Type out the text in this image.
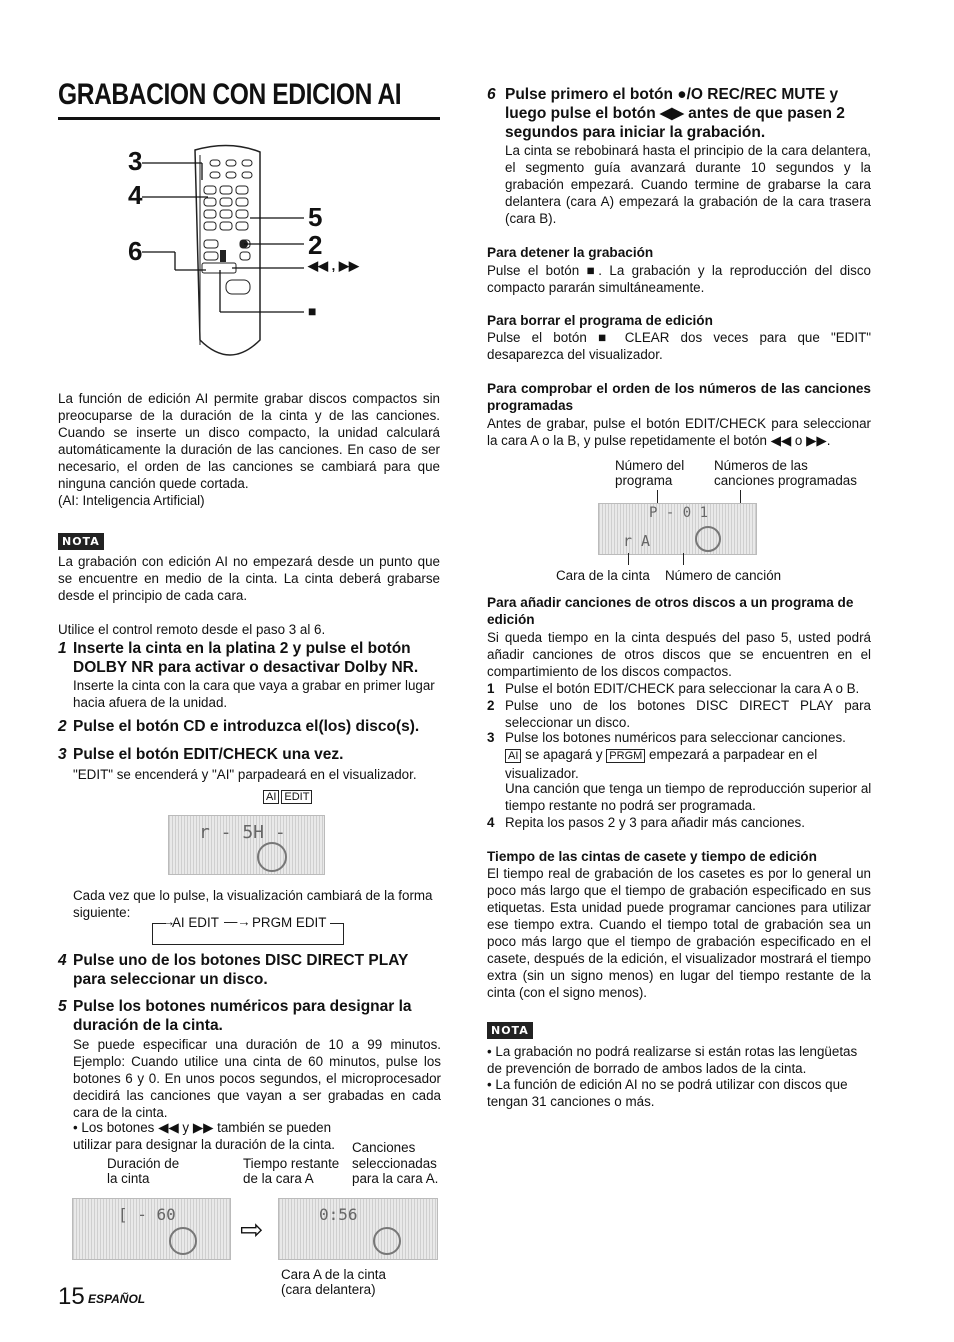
GRABACION CON EDICION AI
3
4
6
5
2
◀◀ , ▶▶
■
La función de edición AI permite grabar discos compactos sin preocuparse de la duración de la cinta y de las canciones. Cuando se inserte un disco compacto, la unidad calculará automáticamente la duración de las canciones. En caso de ser necesario, el orden de las canciones se cambiará para que ninguna canción quede cortada.
(AI: Inteligencia Artificial)
NOTA
La grabación con edición AI no empezará desde un punto que se encuentre en medio de la cinta. La cinta deberá grabarse desde el principio de cada cara.
Utilice el control remoto desde el paso 3 al 6.
1 Inserte la cinta en la platina 2 y pulse el botón DOLBY NR para activar o desactivar Dolby NR.
Inserte la cinta con la cara que vaya a grabar en primer lugar hacia afuera de la unidad.
2 Pulse el botón CD e introduzca el(los) disco(s).
3 Pulse el botón EDIT/CHECK una vez.
"EDIT" se encenderá y "AI" parpadeará en el visualizador.
AI EDIT
r - 5H -
Cada vez que lo pulse, la visualización cambiará de la forma siguiente:
→
AI EDIT —→ PRGM EDIT
4 Pulse uno de los botones DISC DIRECT PLAY para seleccionar un disco.
5 Pulse los botones numéricos para designar la duración de la cinta.
Se puede especificar una duración de 10 a 99 minutos. Ejemplo: Cuando utilice una cinta de 60 minutos, pulse los botones 6 y 0. En unos pocos segundos, el microprocesador decidirá las canciones que vayan a ser grabadas en cada cara de la cinta.
• Los botones ◀◀ y ▶▶ también se pueden utilizar para designar la duración de la cinta.	Canciones
Duración de
la cinta
Tiempo restante
de la cara A
seleccionadas
para la cara A.
[ - 60 ⇨	0:56
Cara A de la cinta
(cara delantera)
15 ESPAÑOL
6 Pulse primero el botón ●/O REC/REC MUTE y luego pulse el botón ◀▶ antes de que pasen 2 segundos para iniciar la grabación.
La cinta se rebobinará hasta el principio de la cara delantera, el segmento guía avanzará durante 10 segundos y la grabación empezará. Cuando termine de grabarse la cara delantera (cara A) empezará la grabación de la cara trasera (cara B).
Para detener la grabación
Pulse el botón ■. La grabación y la reproducción del disco compacto pararán simultáneamente.
Para borrar el programa de edición
Pulse el botón ■ CLEAR dos veces para que "EDIT" desaparezca del visualizador.
Para comprobar el orden de los números de las canciones programadas
Antes de grabar, pulse el botón EDIT/CHECK para seleccionar la cara A o la B, y pulse repetidamente el botón ◀◀ o ▶▶.
Número del
programa
Números de las
canciones programadas
P - 0 1
r A
Cara de la cinta Número de canción
Para añadir canciones de otros discos a un programa de edición
Si queda tiempo en la cinta después del paso 5, usted podrá añadir canciones de otros discos que se encuentren en el compartimiento de los discos compactos.
1 Pulse el botón EDIT/CHECK para seleccionar la cara A o B.
2 Pulse uno de los botones DISC DIRECT PLAY para seleccionar un disco.
3 Pulse los botones numéricos para seleccionar canciones.
AI se apagará y PRGM empezará a parpadear en el visualizador.
Una canción que tenga un tiempo de reproducción superior al tiempo restante no podrá ser programada.
4 Repita los pasos 2 y 3 para añadir más canciones.
Tiempo de las cintas de casete y tiempo de edición
El tiempo real de grabación de los casetes es por lo general un poco más largo que el tiempo de grabación especificado en sus etiquetas. Esta unidad puede programar canciones para utilizar ese tiempo extra. Cuando el tiempo total de grabación sea un poco más largo que el tiempo de grabación especificado en el casete, después de la edición, el visualizador mostrará el tiempo extra (sin un signo menos) en lugar del tiempo restante de la cinta (con el signo menos).
NOTA
• La grabación no podrá realizarse si están rotas las lengüetas de prevención de borrado de ambos lados de la cinta.
• La función de edición AI no se podrá utilizar con discos que tengan 31 canciones o más.
